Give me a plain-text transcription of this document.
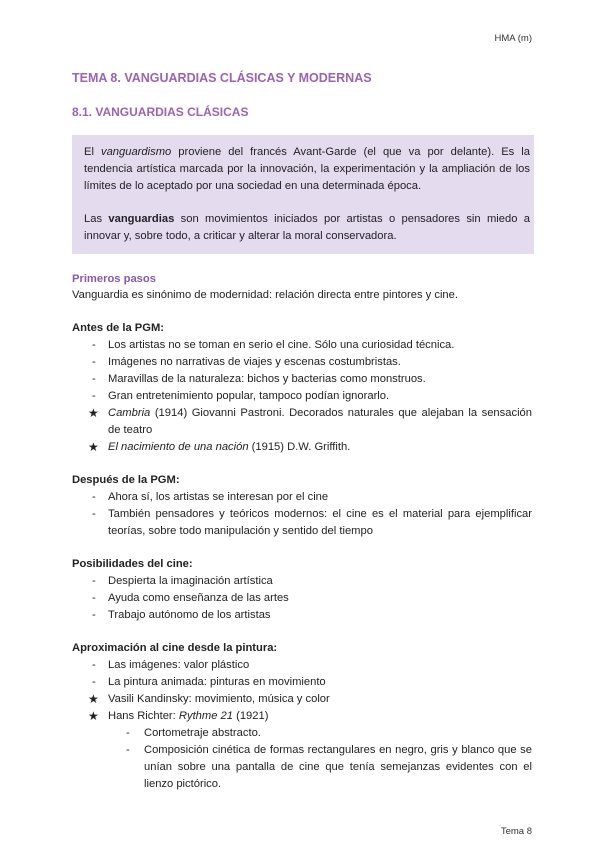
HMA (m)
TEMA 8. VANGUARDIAS CLÁSICAS Y MODERNAS
8.1. VANGUARDIAS CLÁSICAS

El vanguardismo proviene del francés Avant-Garde (el que va por delante). Es la tendencia artística marcada por la innovación, la experimentación y la ampliación de los límites de lo aceptado por una sociedad en una determinada época.

Las vanguardias son movimientos iniciados por artistas o pensadores sin miedo a innovar y, sobre todo, a criticar y alterar la moral conservadora.

Primeros pasos

Vanguardia es sinónimo de modernidad: relación directa entre pintores y cine.

Antes de la PGM:
- Los artistas no se toman en serio el cine. Sólo una curiosidad técnica.
- Imágenes no narrativas de viajes y escenas costumbristas.
- Maravillas de la naturaleza: bichos y bacterias como monstruos.
- Gran entretenimiento popular, tampoco podían ignorarlo.
★ Cambria (1914) Giovanni Pastroni. Decorados naturales que alejaban la sensación de teatro
★ El nacimiento de una nación (1915) D.W. Griffith.
Después de la PGM:
- Ahora sí, los artistas se interesan por el cine
- También pensadores y teóricos modernos: el cine es el material para ejemplificar teorías, sobre todo manipulación y sentido del tiempo
Posibilidades del cine:
- Despierta la imaginación artística
- Ayuda como enseñanza de las artes
- Trabajo autónomo de los artistas
Aproximación al cine desde la pintura:
- Las imágenes: valor plástico
- La pintura animada: pinturas en movimiento
★ Vasili Kandinsky: movimiento, música y color
★ Hans Richter: Rythme 21 (1921)
- Cortometraje abstracto.
- Composición cinética de formas rectangulares en negro, gris y blanco que se unían sobre una pantalla de cine que tenía semejanzas evidentes con el lienzo pictórico.
Tema 8
